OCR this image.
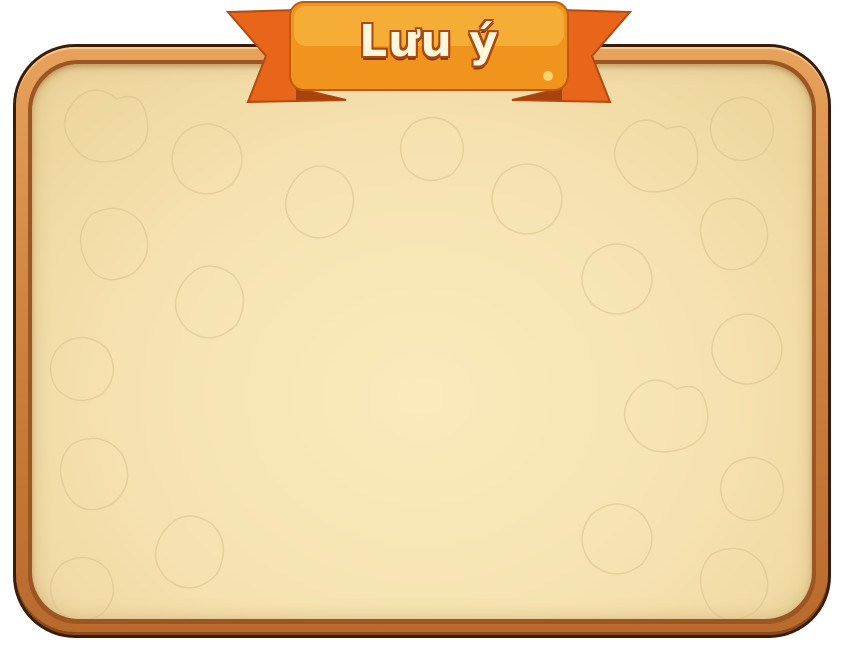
Lưu ý
